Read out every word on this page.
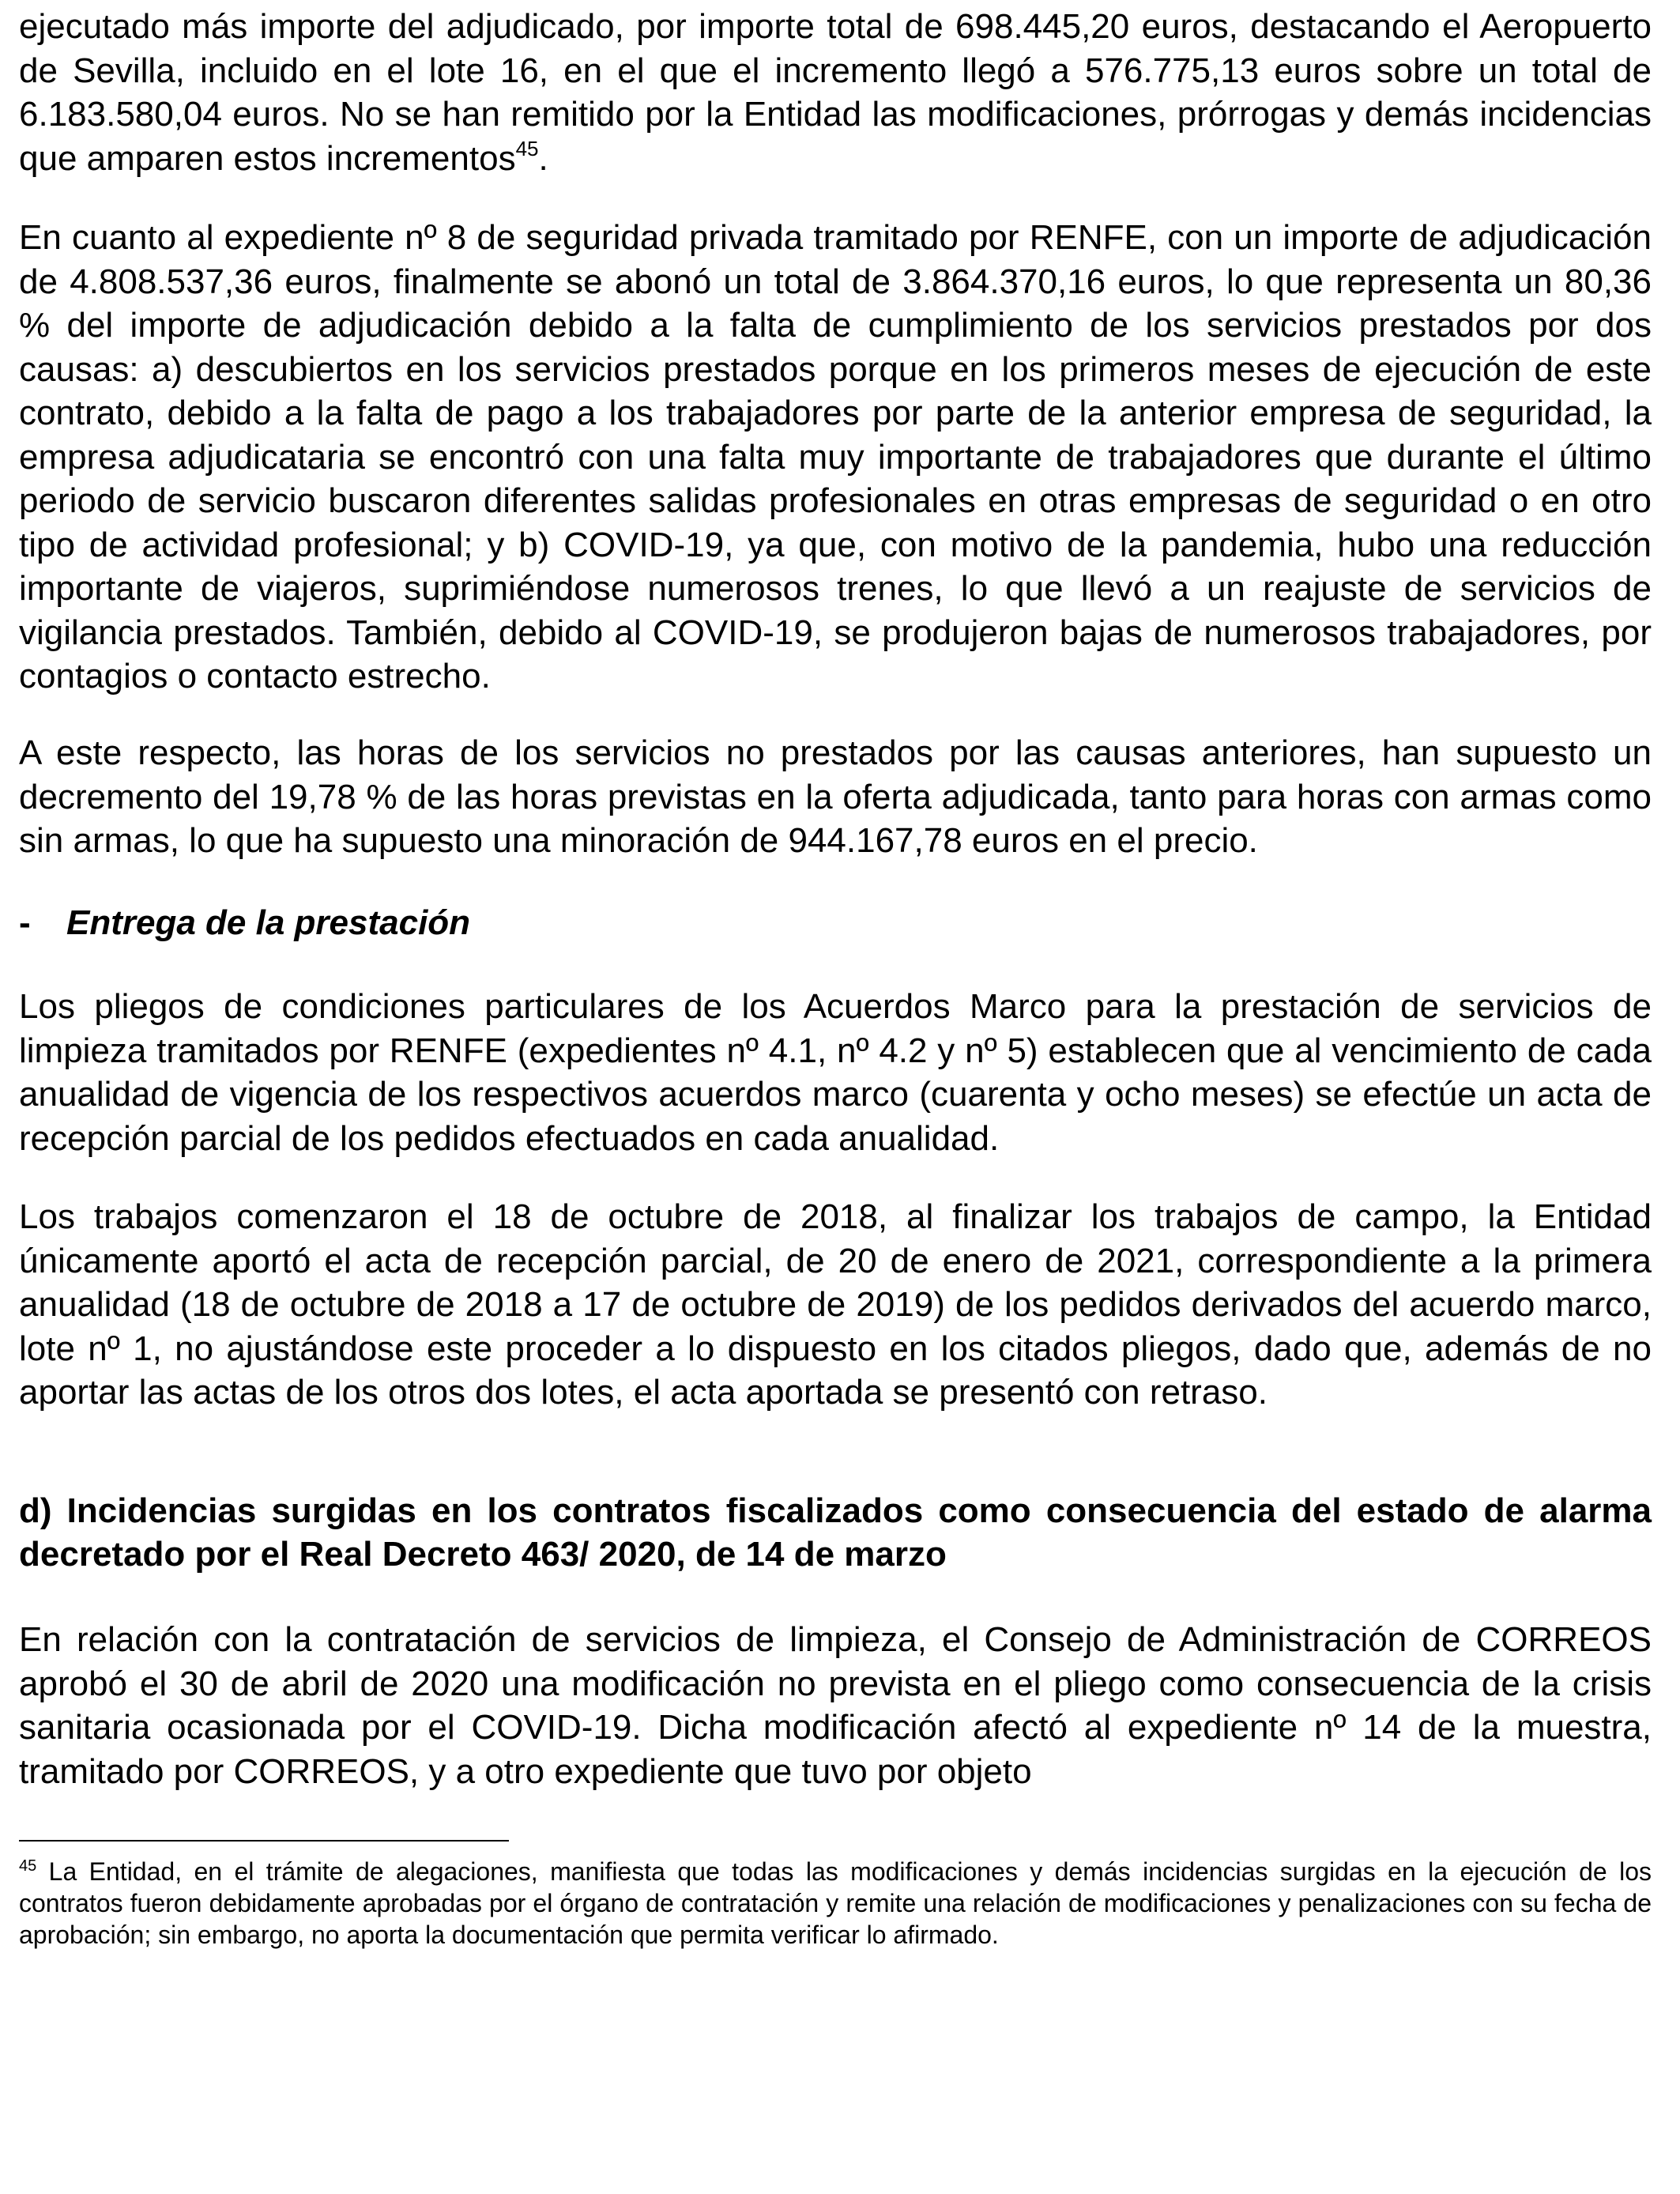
ejecutado más importe del adjudicado, por importe total de 698.445,20 euros, destacando el Aeropuerto de Sevilla, incluido en el lote 16, en el que el incremento llegó a 576.775,13 euros sobre un total de 6.183.580,04 euros. No se han remitido por la Entidad las modificaciones, prórrogas y demás incidencias que amparen estos incrementos$^{45}$.

En cuanto al expediente nº 8 de seguridad privada tramitado por RENFE, con un importe de adjudicación de 4.808.537,36 euros, finalmente se abonó un total de 3.864.370,16 euros, lo que representa un 80,36 % del importe de adjudicación debido a la falta de cumplimiento de los servicios prestados por dos causas: a) descubiertos en los servicios prestados porque en los primeros meses de ejecución de este contrato, debido a la falta de pago a los trabajadores por parte de la anterior empresa de seguridad, la empresa adjudicataria se encontró con una falta muy importante de trabajadores que durante el último periodo de servicio buscaron diferentes salidas profesionales en otras empresas de seguridad o en otro tipo de actividad profesional; y b) COVID-19, ya que, con motivo de la pandemia, hubo una reducción importante de viajeros, suprimiéndose numerosos trenes, lo que llevó a un reajuste de servicios de vigilancia prestados. También, debido al COVID-19, se produjeron bajas de numerosos trabajadores, por contagios o contacto estrecho.

A este respecto, las horas de los servicios no prestados por las causas anteriores, han supuesto un decremento del 19,78 % de las horas previstas en la oferta adjudicada, tanto para horas con armas como sin armas, lo que ha supuesto una minoración de 944.167,78 euros en el precio.

- Entrega de la prestación

Los pliegos de condiciones particulares de los Acuerdos Marco para la prestación de servicios de limpieza tramitados por RENFE (expedientes nº 4.1, nº 4.2 y nº 5) establecen que al vencimiento de cada anualidad de vigencia de los respectivos acuerdos marco (cuarenta y ocho meses) se efectúe un acta de recepción parcial de los pedidos efectuados en cada anualidad.

Los trabajos comenzaron el 18 de octubre de 2018, al finalizar los trabajos de campo, la Entidad únicamente aportó el acta de recepción parcial, de 20 de enero de 2021, correspondiente a la primera anualidad (18 de octubre de 2018 a 17 de octubre de 2019) de los pedidos derivados del acuerdo marco, lote nº 1, no ajustándose este proceder a lo dispuesto en los citados pliegos, dado que, además de no aportar las actas de los otros dos lotes, el acta aportada se presentó con retraso.

d) Incidencias surgidas en los contratos fiscalizados como consecuencia del estado de alarma decretado por el Real Decreto 463/ 2020, de 14 de marzo

En relación con la contratación de servicios de limpieza, el Consejo de Administración de CORREOS aprobó el 30 de abril de 2020 una modificación no prevista en el pliego como consecuencia de la crisis sanitaria ocasionada por el COVID-19. Dicha modificación afectó al expediente nº 14 de la muestra, tramitado por CORREOS, y a otro expediente que tuvo por objeto

$^{45}$ La Entidad, en el trámite de alegaciones, manifiesta que todas las modificaciones y demás incidencias surgidas en la ejecución de los contratos fueron debidamente aprobadas por el órgano de contratación y remite una relación de modificaciones y penalizaciones con su fecha de aprobación; sin embargo, no aporta la documentación que permita verificar lo afirmado.
